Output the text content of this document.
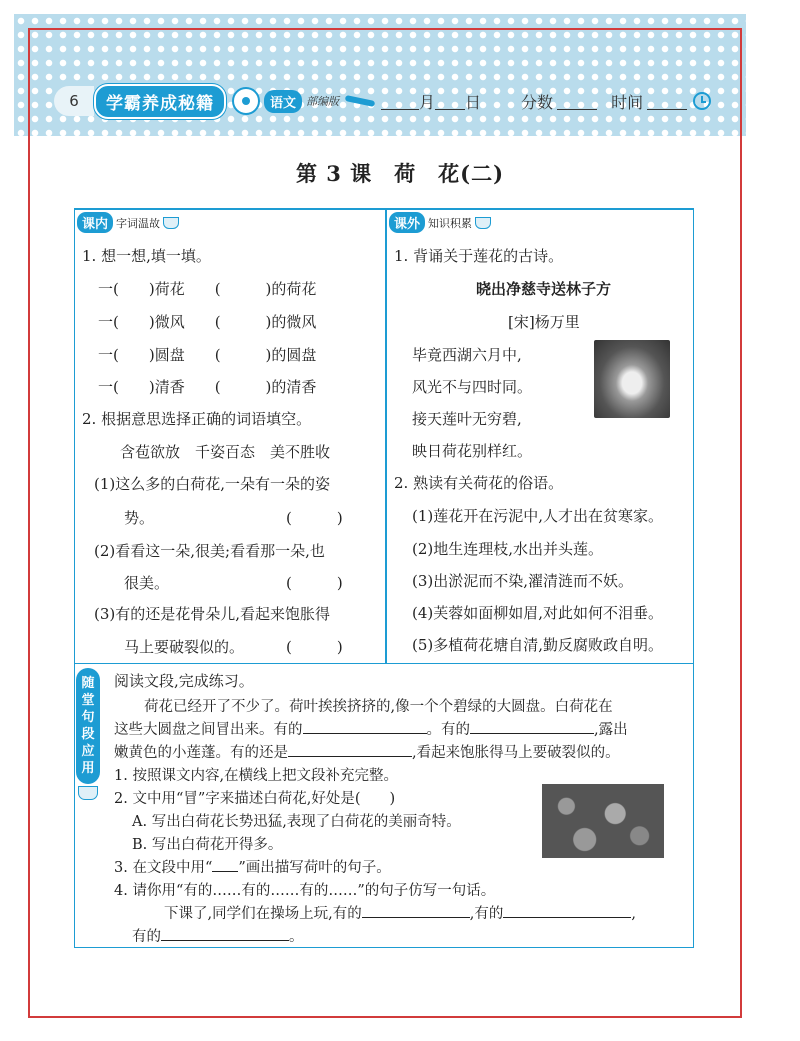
6	学霸养成秘籍	语文 部编版	月 日	分数	时间
第 3 课　荷　花(二)
课内 字词温故
1. 想一想,填一填。
一(　　)荷花　　(　　　)的荷花
一(　　)微风　　(　　　)的微风
一(　　)圆盘　　(　　　)的圆盘
一(　　)清香　　(　　　)的清香
2. 根据意思选择正确的词语填空。
含苞欲放　千姿百态　美不胜收
(1)这么多的白荷花,一朵有一朵的姿
势。	(　　　)
(2)看看这一朵,很美;看看那一朵,也
很美。	(　　　)
(3)有的还是花骨朵儿,看起来饱胀得
马上要破裂似的。	(　　　)
课外 知识积累
1. 背诵关于莲花的古诗。
晓出净慈寺送林子方
[宋]杨万里
毕竟西湖六月中,
风光不与四时同。
接天莲叶无穷碧,
映日荷花别样红。
2. 熟读有关荷花的俗语。
(1)莲花开在污泥中,人才出在贫寒家。
(2)地生连理枝,水出并头莲。
(3)出淤泥而不染,濯清涟而不妖。
(4)芙蓉如面柳如眉,对此如何不泪垂。
(5)多植荷花塘自清,勤反腐败政自明。
随
堂
句
段
应
用
阅读文段,完成练习。
荷花已经开了不少了。荷叶挨挨挤挤的,像一个个碧绿的大圆盘。白荷花在
这些大圆盘之间冒出来。有的	。有的	,露出
嫩黄色的小莲蓬。有的还是	,看起来饱胀得马上要破裂似的。
1. 按照课文内容,在横线上把文段补充完整。
2. 文中用“冒”字来描述白荷花,好处是(　　)
A. 写出白荷花长势迅猛,表现了白荷花的美丽奇特。
B. 写出白荷花开得多。
3. 在文段中用“ ”画出描写荷叶的句子。
4. 请你用“有的……有的……有的……”的句子仿写一句话。
下课了,同学们在操场上玩,有的	,有的	,
有的	。
